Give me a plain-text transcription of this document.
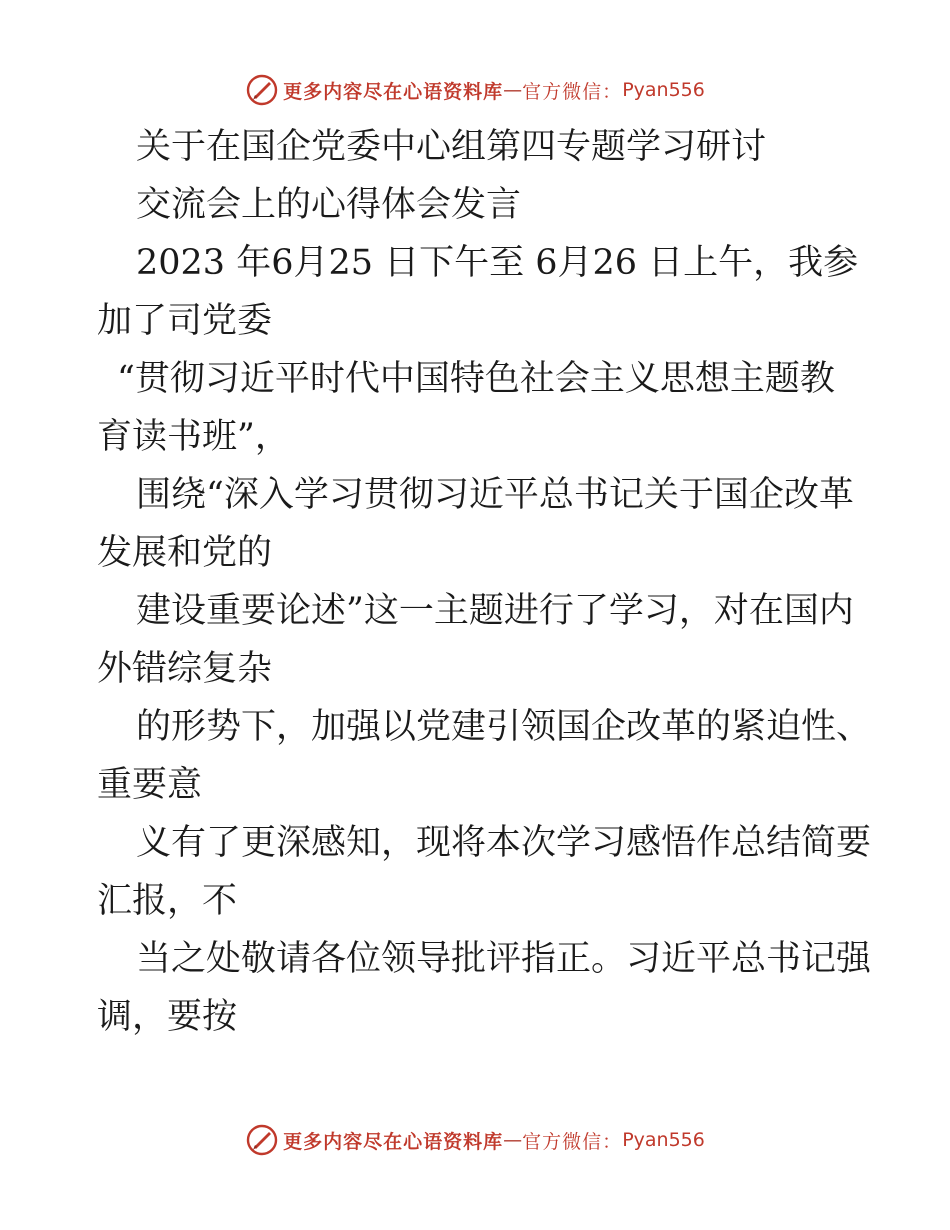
更多内容尽在心语资料库 — 官方微信： Pyan556
关于在国企党委中心组第四专题学习研讨
交流会上的心得体会发言
2023 年6月25 日下午至 6月26 日上午，我参
加了司党委
“贯彻习近平时代中国特色社会主义思想主题教
育读书班”，
围绕“深入学习贯彻习近平总书记关于国企改革
发展和党的
建设重要论述”这一主题进行了学习，对在国内
外错综复杂
的形势下，加强以党建引领国企改革的紧迫性、
重要意
义有了更深感知，现将本次学习感悟作总结简要
汇报，不
当之处敬请各位领导批评指正。习近平总书记强
调，要按
更多内容尽在心语资料库 — 官方微信： Pyan556
